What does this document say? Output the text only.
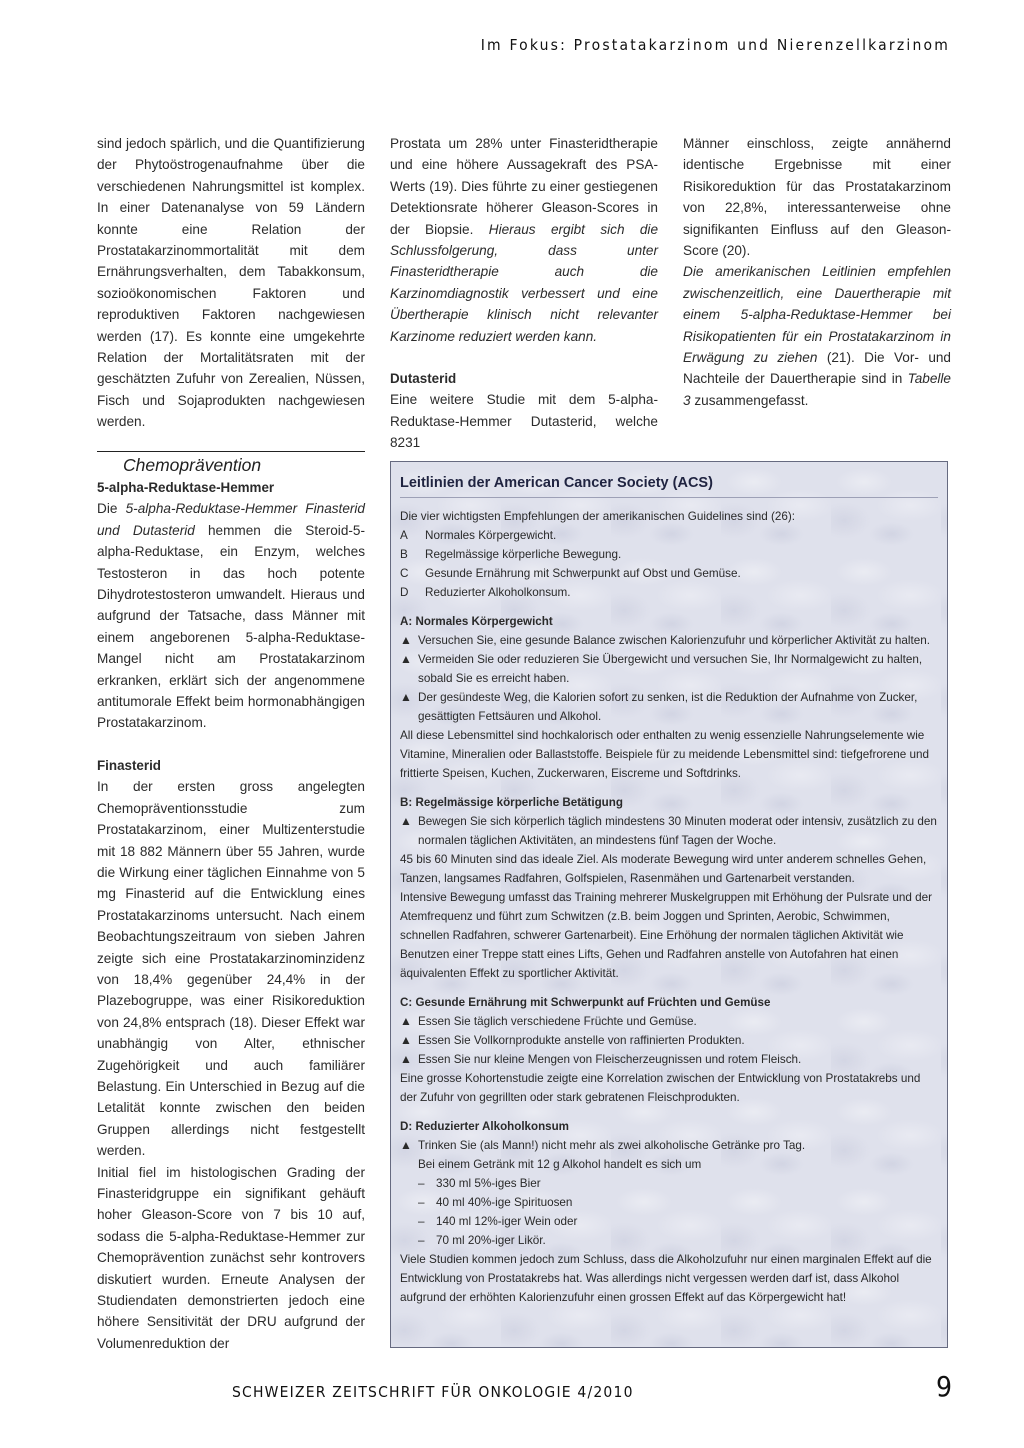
Im Fokus: Prostatakarzinom und Nierenzellkarzinom

sind jedoch spärlich, und die Quantifizierung der Phytoöstrogenaufnahme über die verschiedenen Nahrungsmittel ist komplex. In einer Datenanalyse von 59 Ländern konnte eine Relation der Prostatakarzinommortalität mit dem Ernährungsverhalten, dem Tabakkonsum, sozioökonomischen Faktoren und reproduktiven Faktoren nachgewiesen werden (17). Es konnte eine umgekehrte Relation der Mortalitätsraten mit der geschätzten Zufuhr von Zerealien, Nüssen, Fisch und Sojaprodukten nachgewiesen werden.

Chemoprävention
5-alpha-Reduktase-Hemmer

Die 5-alpha-Reduktase-Hemmer Finasterid und Dutasterid hemmen die Steroid-5-alpha-Reduktase, ein Enzym, welches Testosteron in das hoch potente Dihydrotestosteron umwandelt. Hieraus und aufgrund der Tatsache, dass Männer mit einem angeborenen 5-alpha-Reduktase-Mangel nicht am Prostatakarzinom erkranken, erklärt sich der angenommene antitumorale Effekt beim hormonabhängigen Prostatakarzinom.

Finasterid

In der ersten gross angelegten Chemopräventionsstudie zum Prostatakarzinom, einer Multizenterstudie mit 18 882 Männern über 55 Jahren, wurde die Wirkung einer täglichen Einnahme von 5 mg Finasterid auf die Entwicklung eines Prostatakarzinoms untersucht. Nach einem Beobachtungszeitraum von sieben Jahren zeigte sich eine Prostatakarzinominzidenz von 18,4% gegenüber 24,4% in der Plazebogruppe, was einer Risikoreduktion von 24,8% entsprach (18). Dieser Effekt war unabhängig von Alter, ethnischer Zugehörigkeit und auch familiärer Belastung. Ein Unterschied in Bezug auf die Letalität konnte zwischen den beiden Gruppen allerdings nicht festgestellt werden.

Initial fiel im histologischen Grading der Finasteridgruppe ein signifikant gehäuft hoher Gleason-Score von 7 bis 10 auf, sodass die 5-alpha-Reduktase-Hemmer zur Chemoprävention zunächst sehr kontrovers diskutiert wurden. Erneute Analysen der Studiendaten demonstrierten jedoch eine höhere Sensitivität der DRU aufgrund der Volumenreduktion der

Prostata um 28% unter Finasteridtherapie und eine höhere Aussagekraft des PSA-Werts (19). Dies führte zu einer gestiegenen Detektionsrate höherer Gleason-Scores in der Biopsie. Hieraus ergibt sich die Schlussfolgerung, dass unter Finasteridtherapie auch die Karzinomdiagnostik verbessert und eine Übertherapie klinisch nicht relevanter Karzinome reduziert werden kann.

Dutasterid

Eine weitere Studie mit dem 5-alpha-Reduktase-Hemmer Dutasterid, welche 8231

Männer einschloss, zeigte annähernd identische Ergebnisse mit einer Risikoreduktion für das Prostatakarzinom von 22,8%, interessanterweise ohne signifikanten Einfluss auf den Gleason-Score (20).

Die amerikanischen Leitlinien empfehlen zwischenzeitlich, eine Dauertherapie mit einem 5-alpha-Reduktase-Hemmer bei Risikopatienten für ein Prostatakarzinom in Erwägung zu ziehen (21). Die Vor- und Nachteile der Dauertherapie sind in Tabelle 3 zusammengefasst.

Leitlinien der American Cancer Society (ACS)

Die vier wichtigsten Empfehlungen der amerikanischen Guidelines sind (26):

A	Normales Körpergewicht.
B	Regelmässige körperliche Bewegung.
C	Gesunde Ernährung mit Schwerpunkt auf Obst und Gemüse.
D	Reduzierter Alkoholkonsum.
A: Normales Körpergewicht
▲ Versuchen Sie, eine gesunde Balance zwischen Kalorienzufuhr und körperlicher Aktivität zu halten.
▲ Vermeiden Sie oder reduzieren Sie Übergewicht und versuchen Sie, Ihr Normalgewicht zu halten, sobald Sie es erreicht haben.
▲ Der gesündeste Weg, die Kalorien sofort zu senken, ist die Reduktion der Aufnahme von Zucker, gesättigten Fettsäuren und Alkohol.

All diese Lebensmittel sind hochkalorisch oder enthalten zu wenig essenzielle Nahrungselemente wie Vitamine, Mineralien oder Ballaststoffe. Beispiele für zu meidende Lebensmittel sind: tiefgefrorene und frittierte Speisen, Kuchen, Zuckerwaren, Eiscreme und Softdrinks.

B: Regelmässige körperliche Betätigung
▲ Bewegen Sie sich körperlich täglich mindestens 30 Minuten moderat oder intensiv, zusätzlich zu den normalen täglichen Aktivitäten, an mindestens fünf Tagen der Woche.

45 bis 60 Minuten sind das ideale Ziel. Als moderate Bewegung wird unter anderem schnelles Gehen, Tanzen, langsames Radfahren, Golfspielen, Rasenmähen und Gartenarbeit verstanden.

Intensive Bewegung umfasst das Training mehrerer Muskelgruppen mit Erhöhung der Pulsrate und der Atemfrequenz und führt zum Schwitzen (z.B. beim Joggen und Sprinten, Aerobic, Schwimmen, schnellen Radfahren, schwerer Gartenarbeit). Eine Erhöhung der normalen täglichen Aktivität wie Benutzen einer Treppe statt eines Lifts, Gehen und Radfahren anstelle von Autofahren hat einen äquivalenten Effekt zu sportlicher Aktivität.

C: Gesunde Ernährung mit Schwerpunkt auf Früchten und Gemüse
▲ Essen Sie täglich verschiedene Früchte und Gemüse.
▲ Essen Sie Vollkornprodukte anstelle von raffinierten Produkten.
▲ Essen Sie nur kleine Mengen von Fleischerzeugnissen und rotem Fleisch.

Eine grosse Kohortenstudie zeigte eine Korrelation zwischen der Entwicklung von Prostatakrebs und der Zufuhr von gegrillten oder stark gebratenen Fleischprodukten.

D: Reduzierter Alkoholkonsum
▲ Trinken Sie (als Mann!) nicht mehr als zwei alkoholische Getränke pro Tag.

Bei einem Getränk mit 12 g Alkohol handelt es sich um

– 330 ml 5%-iges Bier
– 40 ml 40%-ige Spirituosen
– 140 ml 12%-iger Wein oder
– 70 ml 20%-iger Likör.

Viele Studien kommen jedoch zum Schluss, dass die Alkoholzufuhr nur einen marginalen Effekt auf die Entwicklung von Prostatakrebs hat. Was allerdings nicht vergessen werden darf ist, dass Alkohol aufgrund der erhöhten Kalorienzufuhr einen grossen Effekt auf das Körpergewicht hat!

SCHWEIZER ZEITSCHRIFT FÜR ONKOLOGIE 4/2010	9
